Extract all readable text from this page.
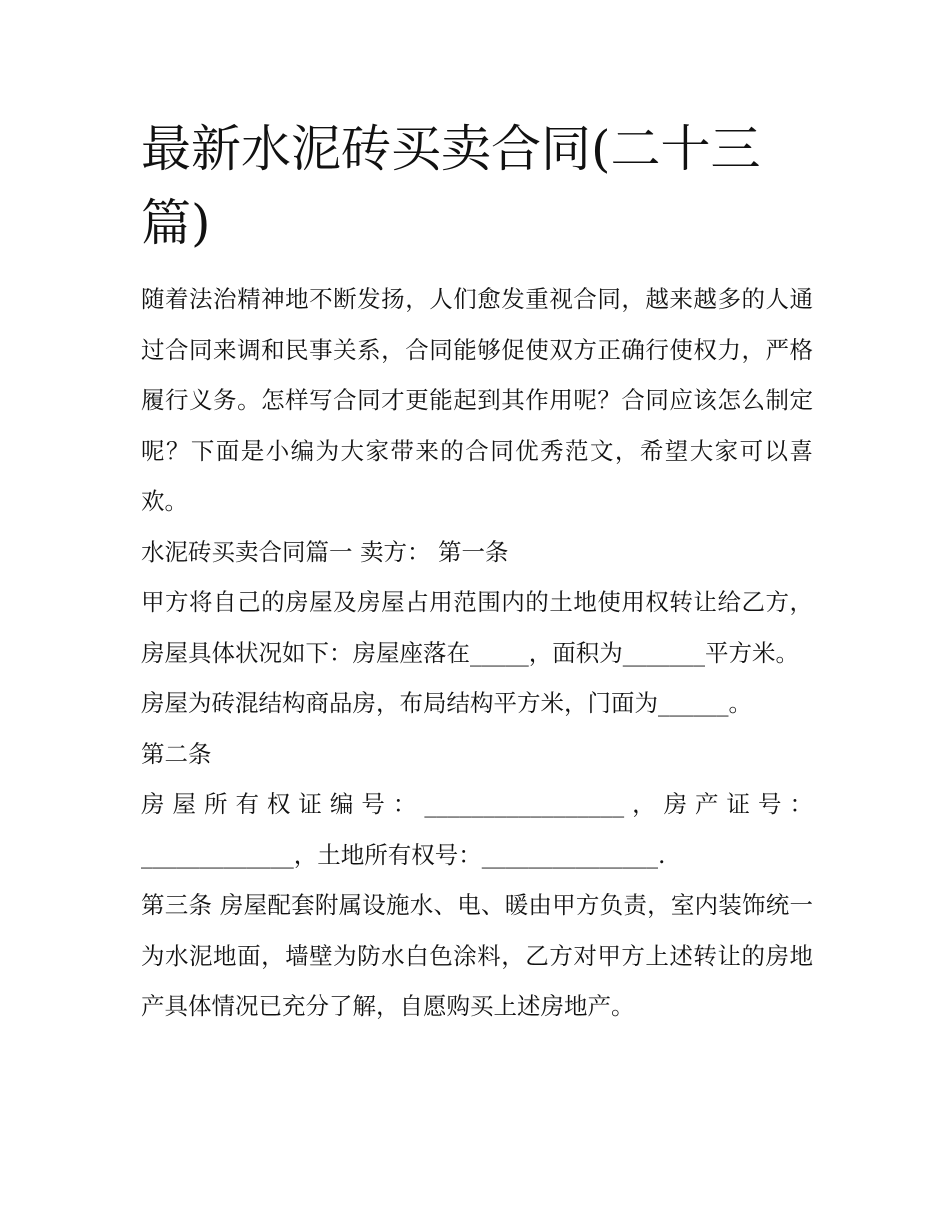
最新水泥砖买卖合同(二十三篇)

随着法治精神地不断发扬，人们愈发重视合同，越来越多的人通过合同来调和民事关系，合同能够促使双方正确行使权力，严格履行义务。怎样写合同才更能起到其作用呢？合同应该怎么制定呢？下面是小编为大家带来的合同优秀范文，希望大家可以喜欢。

水泥砖买卖合同篇一 卖方： 第一条

甲方将自己的房屋及房屋占用范围内的土地使用权转让给乙方，房屋具体状况如下：房屋座落在_____，面积为_______平方米。

房屋为砖混结构商品房，布局结构平方米，门面为______。

第二条

房屋所有权证编号：_________________，房产证号：_____________，土地所有权号：_______________.

第三条 房屋配套附属设施水、电、暖由甲方负责，室内装饰统一为水泥地面，墙壁为防水白色涂料，乙方对甲方上述转让的房地产具体情况已充分了解，自愿购买上述房地产。
